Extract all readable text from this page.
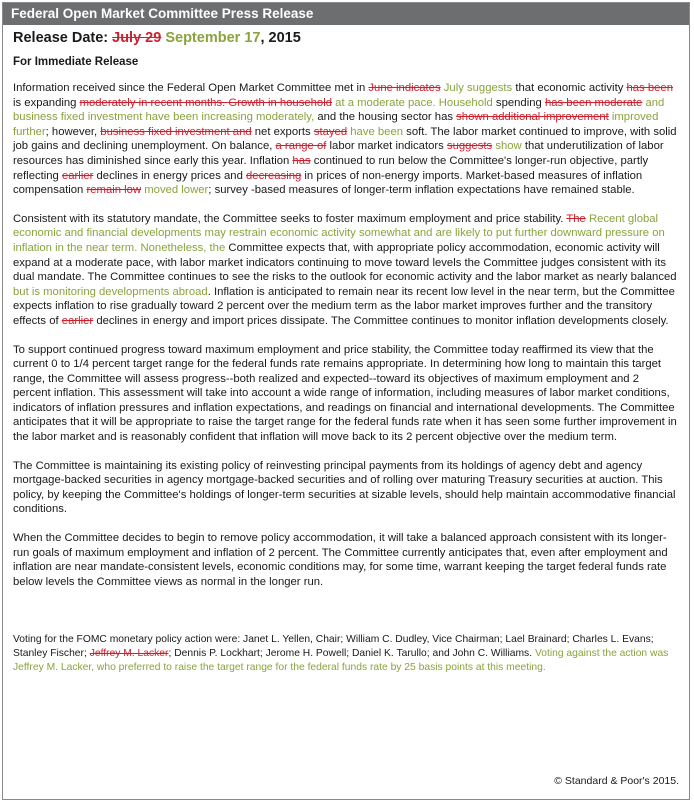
Federal Open Market Committee Press Release
Release Date: July 29 September 17, 2015
For Immediate Release

Information received since the Federal Open Market Committee met in June indicates July suggests that economic activity has been is expanding moderately in recent months. Growth in household at a moderate pace. Household spending has been moderate and business fixed investment have been increasing moderately, and the housing sector has shown additional improvement improved further; however, business fixed investment and net exports stayed have been soft. The labor market continued to improve, with solid job gains and declining unemployment. On balance, a range of labor market indicators suggests show that underutilization of labor resources has diminished since early this year. Inflation has continued to run below the Committee's longer-run objective, partly reflecting earlier declines in energy prices and decreasing in prices of non-energy imports. Market-based measures of inflation compensation remain low moved lower; survey -based measures of longer-term inflation expectations have remained stable.

Consistent with its statutory mandate, the Committee seeks to foster maximum employment and price stability. The Recent global economic and financial developments may restrain economic activity somewhat and are likely to put further downward pressure on inflation in the near term. Nonetheless, the Committee expects that, with appropriate policy accommodation, economic activity will expand at a moderate pace, with labor market indicators continuing to move toward levels the Committee judges consistent with its dual mandate. The Committee continues to see the risks to the outlook for economic activity and the labor market as nearly balanced but is monitoring developments abroad. Inflation is anticipated to remain near its recent low level in the near term, but the Committee expects inflation to rise gradually toward 2 percent over the medium term as the labor market improves further and the transitory effects of earlier declines in energy and import prices dissipate. The Committee continues to monitor inflation developments closely.

To support continued progress toward maximum employment and price stability, the Committee today reaffirmed its view that the current 0 to 1/4 percent target range for the federal funds rate remains appropriate. In determining how long to maintain this target range, the Committee will assess progress--both realized and expected--toward its objectives of maximum employment and 2 percent inflation. This assessment will take into account a wide range of information, including measures of labor market conditions, indicators of inflation pressures and inflation expectations, and readings on financial and international developments. The Committee anticipates that it will be appropriate to raise the target range for the federal funds rate when it has seen some further improvement in the labor market and is reasonably confident that inflation will move back to its 2 percent objective over the medium term.

The Committee is maintaining its existing policy of reinvesting principal payments from its holdings of agency debt and agency mortgage-backed securities in agency mortgage-backed securities and of rolling over maturing Treasury securities at auction. This policy, by keeping the Committee's holdings of longer-term securities at sizable levels, should help maintain accommodative financial conditions.

When the Committee decides to begin to remove policy accommodation, it will take a balanced approach consistent with its longer-run goals of maximum employment and inflation of 2 percent. The Committee currently anticipates that, even after employment and inflation are near mandate-consistent levels, economic conditions may, for some time, warrant keeping the target federal funds rate below levels the Committee views as normal in the longer run.

Voting for the FOMC monetary policy action were: Janet L. Yellen, Chair; William C. Dudley, Vice Chairman; Lael Brainard; Charles L. Evans; Stanley Fischer; Jeffrey M. Lacker; Dennis P. Lockhart; Jerome H. Powell; Daniel K. Tarullo; and John C. Williams. Voting against the action was Jeffrey M. Lacker, who preferred to raise the target range for the federal funds rate by 25 basis points at this meeting.

© Standard & Poor's 2015.
